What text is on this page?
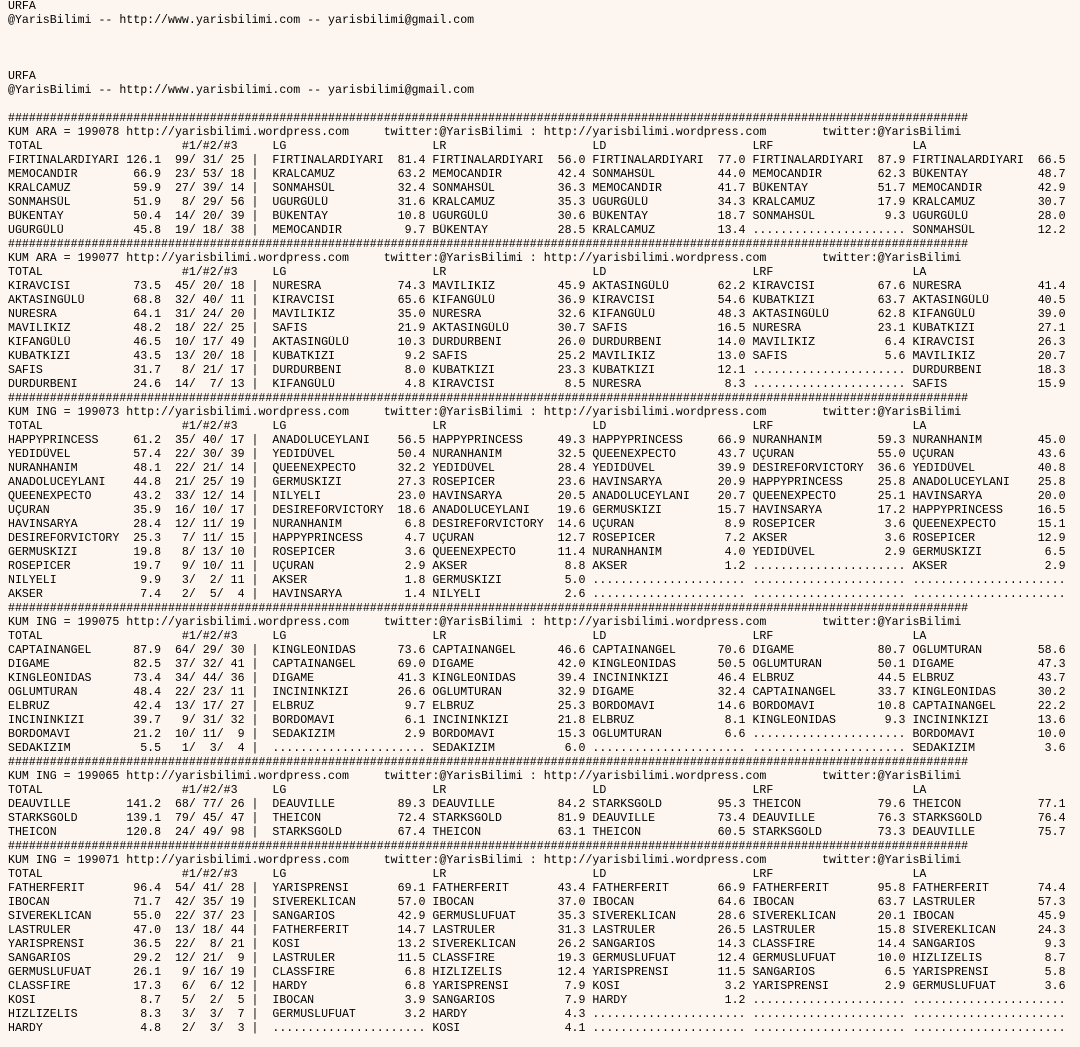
URFA
@YarisBilimi -- http://www.yarisbilimi.com -- yarisbilimi@gmail.com
URFA
@YarisBilimi -- http://www.yarisbilimi.com -- yarisbilimi@gmail.com
##########################################################################################################################################
KUM ARA = 199078 http://yarisbilimi.wordpress.com     twitter:@YarisBilimi : http://yarisbilimi.wordpress.com        twitter:@YarisBilimi
TOTAL                    #1/#2/#3     LG                     LR                     LD                     LRF                    LA
FIRTINALARDIYARI 126.1  99/ 31/ 25 |  FIRTINALARDIYARI  81.4 FIRTINALARDIYARI  56.0 FIRTINALARDIYARI  77.0 FIRTINALARDIYARI  87.9 FIRTINALARDIYARI  66.5
MEMOCANDIR        66.9  23/ 53/ 18 |  KRALCAMUZ         63.2 MEMOCANDIR        42.4 SONMAHSÜL         44.0 MEMOCANDIR        62.3 BÜKENTAY          48.7
KRALCAMUZ         59.9  27/ 39/ 14 |  SONMAHSÜL         32.4 SONMAHSÜL         36.3 MEMOCANDIR        41.7 BÜKENTAY          51.7 MEMOCANDIR        42.9
SONMAHSÜL         51.9   8/ 29/ 56 |  UGURGÜLÜ          31.6 KRALCAMUZ         35.3 UGURGÜLÜ          34.3 KRALCAMUZ         17.9 KRALCAMUZ         30.7
BÜKENTAY          50.4  14/ 20/ 39 |  BÜKENTAY          10.8 UGURGÜLÜ          30.6 BÜKENTAY          18.7 SONMAHSÜL          9.3 UGURGÜLÜ          28.0
UGURGÜLÜ          45.8  19/ 18/ 38 |  MEMOCANDIR         9.7 BÜKENTAY          28.5 KRALCAMUZ         13.4 ...................... SONMAHSÜL         12.2
##########################################################################################################################################
KUM ARA = 199077 http://yarisbilimi.wordpress.com     twitter:@YarisBilimi : http://yarisbilimi.wordpress.com        twitter:@YarisBilimi
TOTAL                    #1/#2/#3     LG                     LR                     LD                     LRF                    LA
KIRAVCISI         73.5  45/ 20/ 18 |  NURESRA           74.3 MAVILIKIZ         45.9 AKTASINGÜLÜ       62.2 KIRAVCISI         67.6 NURESRA           41.4
AKTASINGÜLÜ       68.8  32/ 40/ 11 |  KIRAVCISI         65.6 KIFANGÜLÜ         36.9 KIRAVCISI         54.6 KUBATKIZI         63.7 AKTASINGÜLÜ       40.5
NURESRA           64.1  31/ 24/ 20 |  MAVILIKIZ         35.0 NURESRA           32.6 KIFANGÜLÜ         48.3 AKTASINGÜLÜ       62.8 KIFANGÜLÜ         39.0
MAVILIKIZ         48.2  18/ 22/ 25 |  SAFIS             21.9 AKTASINGÜLÜ       30.7 SAFIS             16.5 NURESRA           23.1 KUBATKIZI         27.1
KIFANGÜLÜ         46.5  10/ 17/ 49 |  AKTASINGÜLÜ       10.3 DURDURBENI        26.0 DURDURBENI        14.0 MAVILIKIZ          6.4 KIRAVCISI         26.3
KUBATKIZI         43.5  13/ 20/ 18 |  KUBATKIZI          9.2 SAFIS             25.2 MAVILIKIZ         13.0 SAFIS              5.6 MAVILIKIZ         20.7
SAFIS             31.7   8/ 21/ 17 |  DURDURBENI         8.0 KUBATKIZI         23.3 KUBATKIZI         12.1 ...................... DURDURBENI        18.3
DURDURBENI        24.6  14/  7/ 13 |  KIFANGÜLÜ          4.8 KIRAVCISI          8.5 NURESRA            8.3 ...................... SAFIS             15.9
##########################################################################################################################################
KUM ING = 199073 http://yarisbilimi.wordpress.com     twitter:@YarisBilimi : http://yarisbilimi.wordpress.com        twitter:@YarisBilimi
TOTAL                    #1/#2/#3     LG                     LR                     LD                     LRF                    LA
HAPPYPRINCESS     61.2  35/ 40/ 17 |  ANADOLUCEYLANI    56.5 HAPPYPRINCESS     49.3 HAPPYPRINCESS     66.9 NURANHANIM        59.3 NURANHANIM        45.0
YEDIDÜVEL         57.4  22/ 30/ 39 |  YEDIDÜVEL         50.4 NURANHANIM        32.5 QUEENEXPECTO      43.7 UÇURAN            55.0 UÇURAN            43.6
NURANHANIM        48.1  22/ 21/ 14 |  QUEENEXPECTO      32.2 YEDIDÜVEL         28.4 YEDIDÜVEL         39.9 DESIREFORVICTORY  36.6 YEDIDÜVEL         40.8
ANADOLUCEYLANI    44.8  21/ 25/ 19 |  GERMUSKIZI        27.3 ROSEPICER         23.6 HAVINSARYA        20.9 HAPPYPRINCESS     25.8 ANADOLUCEYLANI    25.8
QUEENEXPECTO      43.2  33/ 12/ 14 |  NILYELI           23.0 HAVINSARYA        20.5 ANADOLUCEYLANI    20.7 QUEENEXPECTO      25.1 HAVINSARYA        20.0
UÇURAN            35.9  16/ 10/ 17 |  DESIREFORVICTORY  18.6 ANADOLUCEYLANI    19.6 GERMUSKIZI        15.7 HAVINSARYA        17.2 HAPPYPRINCESS     16.5
HAVINSARYA        28.4  12/ 11/ 19 |  NURANHANIM         6.8 DESIREFORVICTORY  14.6 UÇURAN             8.9 ROSEPICER          3.6 QUEENEXPECTO      15.1
DESIREFORVICTORY  25.3   7/ 11/ 15 |  HAPPYPRINCESS      4.7 UÇURAN            12.7 ROSEPICER          7.2 AKSER              3.6 ROSEPICER         12.9
GERMUSKIZI        19.8   8/ 13/ 10 |  ROSEPICER          3.6 QUEENEXPECTO      11.4 NURANHANIM         4.0 YEDIDÜVEL          2.9 GERMUSKIZI         6.5
ROSEPICER         19.7   9/ 10/ 11 |  UÇURAN             2.9 AKSER              8.8 AKSER              1.2 ...................... AKSER              2.9
NILYELI            9.9   3/  2/ 11 |  AKSER              1.8 GERMUSKIZI         5.0 ...................... ...................... ......................
AKSER              7.4   2/  5/  4 |  HAVINSARYA         1.4 NILYELI            2.6 ...................... ...................... ......................
##########################################################################################################################################
KUM ING = 199075 http://yarisbilimi.wordpress.com     twitter:@YarisBilimi : http://yarisbilimi.wordpress.com        twitter:@YarisBilimi
TOTAL                    #1/#2/#3     LG                     LR                     LD                     LRF                    LA
CAPTAINANGEL      87.9  64/ 29/ 30 |  KINGLEONIDAS      73.6 CAPTAINANGEL      46.6 CAPTAINANGEL      70.6 DIGAME            80.7 OGLUMTURAN        58.6
DIGAME            82.5  37/ 32/ 41 |  CAPTAINANGEL      69.0 DIGAME            42.0 KINGLEONIDAS      50.5 OGLUMTURAN        50.1 DIGAME            47.3
KINGLEONIDAS      73.4  34/ 44/ 36 |  DIGAME            41.3 KINGLEONIDAS      39.4 INCININKIZI       46.4 ELBRUZ            44.5 ELBRUZ            43.7
OGLUMTURAN        48.4  22/ 23/ 11 |  INCININKIZI       26.6 OGLUMTURAN        32.9 DIGAME            32.4 CAPTAINANGEL      33.7 KINGLEONIDAS      30.2
ELBRUZ            42.4  13/ 17/ 27 |  ELBRUZ             9.7 ELBRUZ            25.3 BORDOMAVI         14.6 BORDOMAVI         10.8 CAPTAINANGEL      22.2
INCININKIZI       39.7   9/ 31/ 32 |  BORDOMAVI          6.1 INCININKIZI       21.8 ELBRUZ             8.1 KINGLEONIDAS       9.3 INCININKIZI       13.6
BORDOMAVI         21.2  10/ 11/  9 |  SEDAKIZIM          2.9 BORDOMAVI         15.3 OGLUMTURAN         6.6 ...................... BORDOMAVI         10.0
SEDAKIZIM          5.5   1/  3/  4 |  ...................... SEDAKIZIM          6.0 ...................... ...................... SEDAKIZIM          3.6
##########################################################################################################################################
KUM ING = 199065 http://yarisbilimi.wordpress.com     twitter:@YarisBilimi : http://yarisbilimi.wordpress.com        twitter:@YarisBilimi
TOTAL                    #1/#2/#3     LG                     LR                     LD                     LRF                    LA
DEAUVILLE        141.2  68/ 77/ 26 |  DEAUVILLE         89.3 DEAUVILLE         84.2 STARKSGOLD        95.3 THEICON           79.6 THEICON           77.1
STARKSGOLD       139.1  79/ 45/ 47 |  THEICON           72.4 STARKSGOLD        81.9 DEAUVILLE         73.4 DEAUVILLE         76.3 STARKSGOLD        76.4
THEICON          120.8  24/ 49/ 98 |  STARKSGOLD        67.4 THEICON           63.1 THEICON           60.5 STARKSGOLD        73.3 DEAUVILLE         75.7
##########################################################################################################################################
KUM ING = 199071 http://yarisbilimi.wordpress.com     twitter:@YarisBilimi : http://yarisbilimi.wordpress.com        twitter:@YarisBilimi
TOTAL                    #1/#2/#3     LG                     LR                     LD                     LRF                    LA
FATHERFERIT       96.4  54/ 41/ 28 |  YARISPRENSI       69.1 FATHERFERIT       43.4 FATHERFERIT       66.9 FATHERFERIT       95.8 FATHERFERIT       74.4
IBOCAN            71.7  42/ 35/ 19 |  SIVEREKLICAN      57.0 IBOCAN            37.0 IBOCAN            64.6 IBOCAN            63.7 LASTRULER         57.3
SIVEREKLICAN      55.0  22/ 37/ 23 |  SANGARIOS         42.9 GERMUSLUFUAT      35.3 SIVEREKLICAN      28.6 SIVEREKLICAN      20.1 IBOCAN            45.9
LASTRULER         47.0  13/ 18/ 44 |  FATHERFERIT       14.7 LASTRULER         31.3 LASTRULER         26.5 LASTRULER         15.8 SIVEREKLICAN      24.3
YARISPRENSI       36.5  22/  8/ 21 |  KOSI              13.2 SIVEREKLICAN      26.2 SANGARIOS         14.3 CLASSFIRE         14.4 SANGARIOS          9.3
SANGARIOS         29.2  12/ 21/  9 |  LASTRULER         11.5 CLASSFIRE         19.3 GERMUSLUFUAT      12.4 GERMUSLUFUAT      10.0 HIZLIZELIS         8.7
GERMUSLUFUAT      26.1   9/ 16/ 19 |  CLASSFIRE          6.8 HIZLIZELIS        12.4 YARISPRENSI       11.5 SANGARIOS          6.5 YARISPRENSI        5.8
CLASSFIRE         17.3   6/  6/ 12 |  HARDY              6.8 YARISPRENSI        7.9 KOSI               3.2 YARISPRENSI        2.9 GERMUSLUFUAT       3.6
KOSI               8.7   5/  2/  5 |  IBOCAN             3.9 SANGARIOS          7.9 HARDY              1.2 ...................... ......................
HIZLIZELIS         8.3   3/  3/  7 |  GERMUSLUFUAT       3.2 HARDY              4.3 ...................... ...................... ......................
HARDY              4.8   2/  3/  3 |  ...................... KOSI               4.1 ...................... ...................... ......................
